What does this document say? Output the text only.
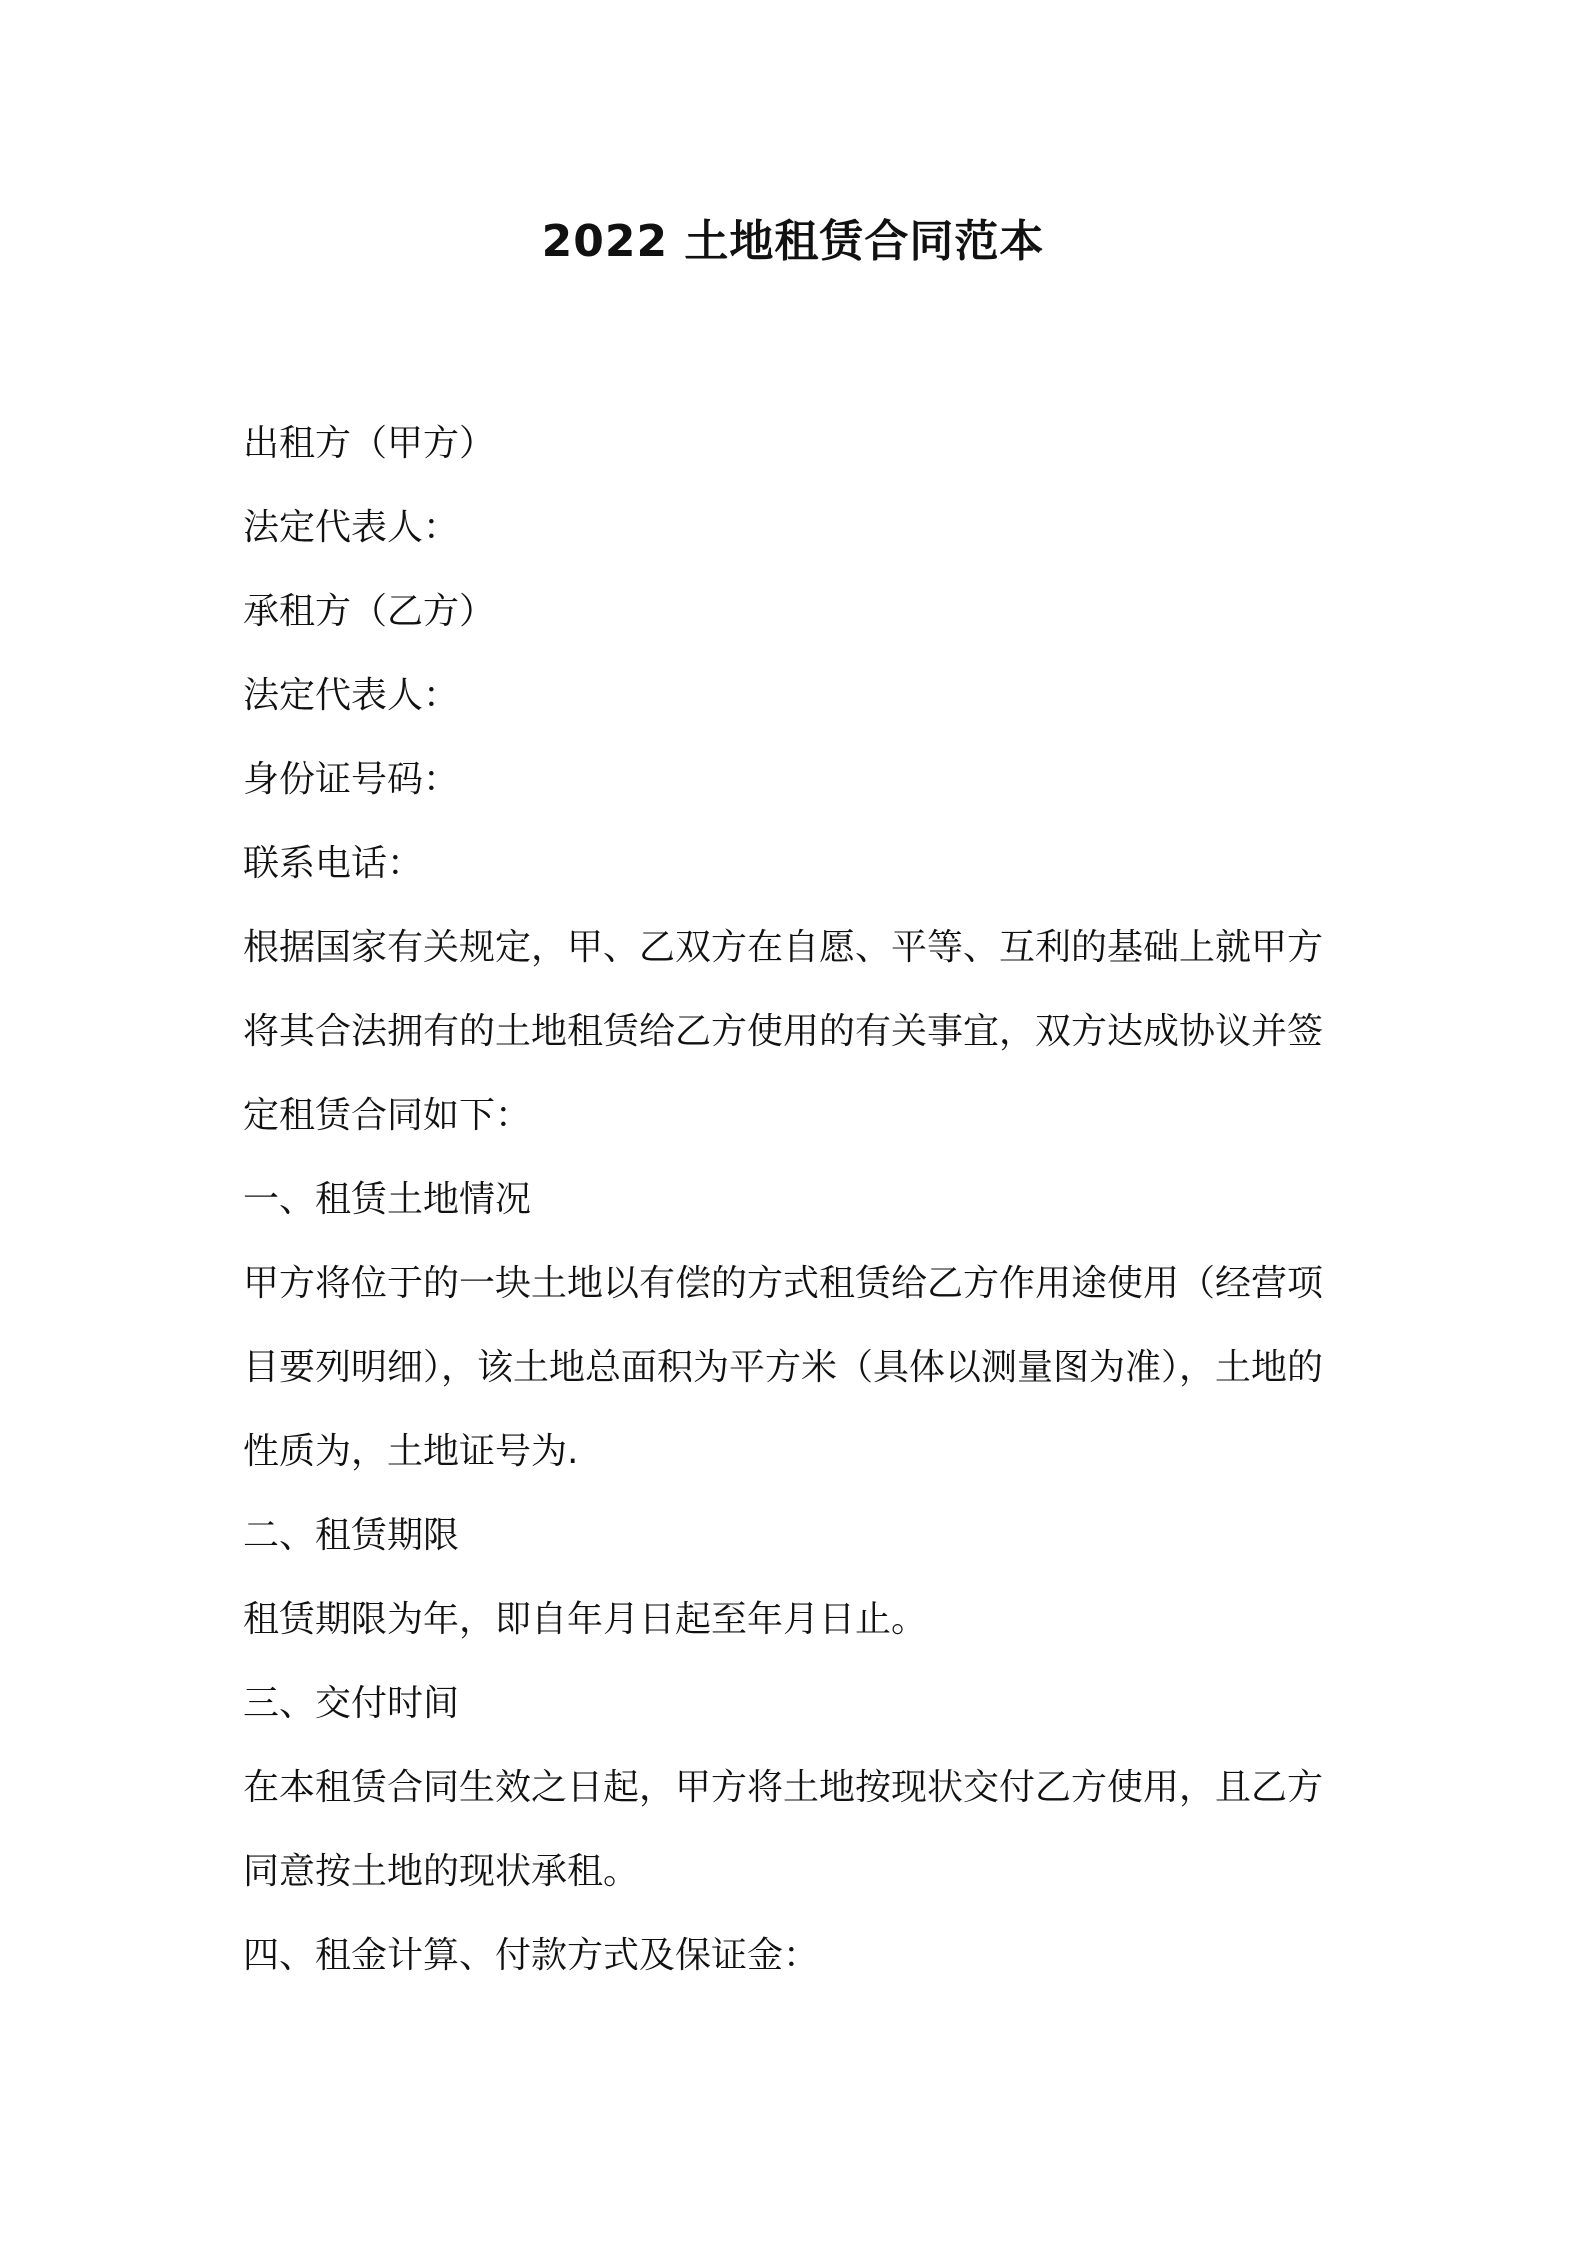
2022 土地租赁合同范本
出租方（甲方）
法定代表人：
承租方（乙方）
法定代表人：
身份证号码：
联系电话：
根据国家有关规定，甲、乙双方在自愿、平等、互利的基础上就甲方
将其合法拥有的土地租赁给乙方使用的有关事宜，双方达成协议并签
定租赁合同如下：
一、租赁土地情况
甲方将位于的一块土地以有偿的方式租赁给乙方作用途使用（经营项
目要列明细），该土地总面积为平方米（具体以测量图为准），土地的
性质为，土地证号为.
二、租赁期限
租赁期限为年，即自年月日起至年月日止。
三、交付时间
在本租赁合同生效之日起，甲方将土地按现状交付乙方使用，且乙方
同意按土地的现状承租。
四、租金计算、付款方式及保证金：
